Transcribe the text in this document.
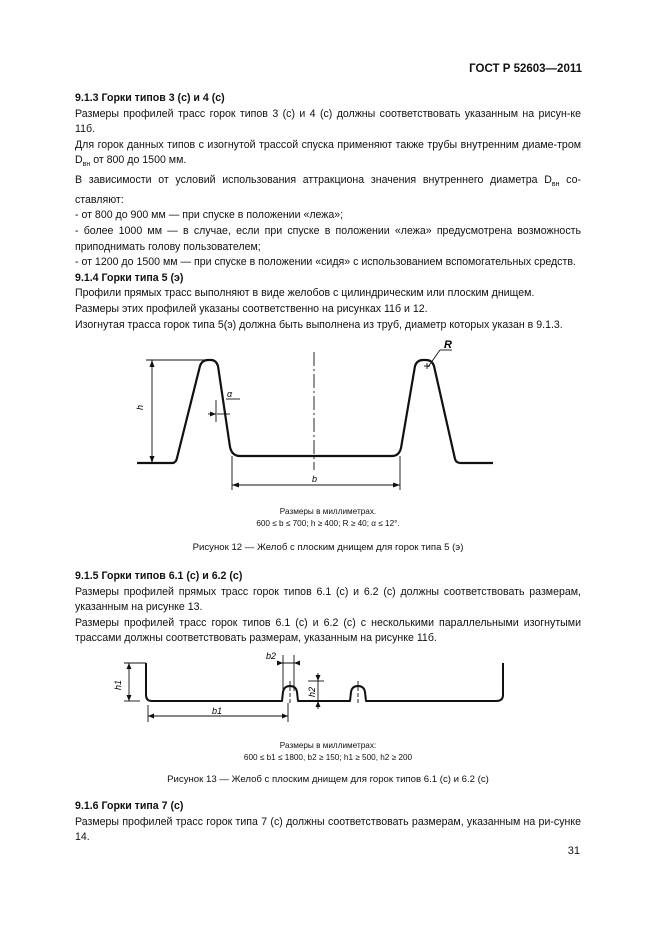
ГОСТ Р 52603—2011

9.1.3 Горки типов 3 (с) и 4 (с)

Размеры профилей трасс горок типов 3 (с) и 4 (с) должны соответствовать указанным на рисун-ке 11б.

Для горок данных типов с изогнутой трассой спуска применяют также трубы внутренним диаме-тром $D_{вн}$ от 800 до 1500 мм.

В зависимости от условий использования аттракциона значения внутреннего диаметра $D_{вн}$ со-ставляют:

- от 800 до 900 мм — при спуске в положении «лежа»;

- более 1000 мм — в случае, если при спуске в положении «лежа» предусмотрена возможность приподнимать голову пользователем;

- от 1200 до 1500 мм — при спуске в положении «сидя» с использованием вспомогательных средств.

9.1.4 Горки типа 5 (э)

Профили прямых трасс выполняют в виде желобов с цилиндрическим или плоским днищем.

Размеры этих профилей указаны соответственно на рисунках 11б и 12.

Изогнутая трасса горок типа 5(э) должна быть выполнена из труб, диаметр которых указан в 9.1.3.

h
b
R
α
Размеры в миллиметрах.
600 ≤ b ≤ 700; h ≥ 400; R ≥ 40; α ≤ 12°.
Рисунок 12 — Желоб с плоским днищем для горок типа 5 (э)

9.1.5 Горки типов 6.1 (с) и 6.2 (с)

Размеры профилей прямых трасс горок типов 6.1 (с) и 6.2 (с) должны соответствовать размерам, указанным на рисунке 13.

Размеры профилей трасс горок типов 6.1 (с) и 6.2 (с) с несколькими параллельными изогнутыми трассами должны соответствовать размерам, указанным на рисунке 11б.

h1
b1
b2
h2
Размеры в миллиметрах:
600 ≤ b1 ≤ 1800, b2 ≥ 150; h1 ≥ 500, h2 ≥ 200
Рисунок 13 — Желоб с плоским днищем для горок типов 6.1 (с) и 6.2 (с)

9.1.6 Горки типа 7 (с)

Размеры профилей трасс горок типа 7 (с) должны соответствовать размерам, указанным на ри-сунке 14.

31
